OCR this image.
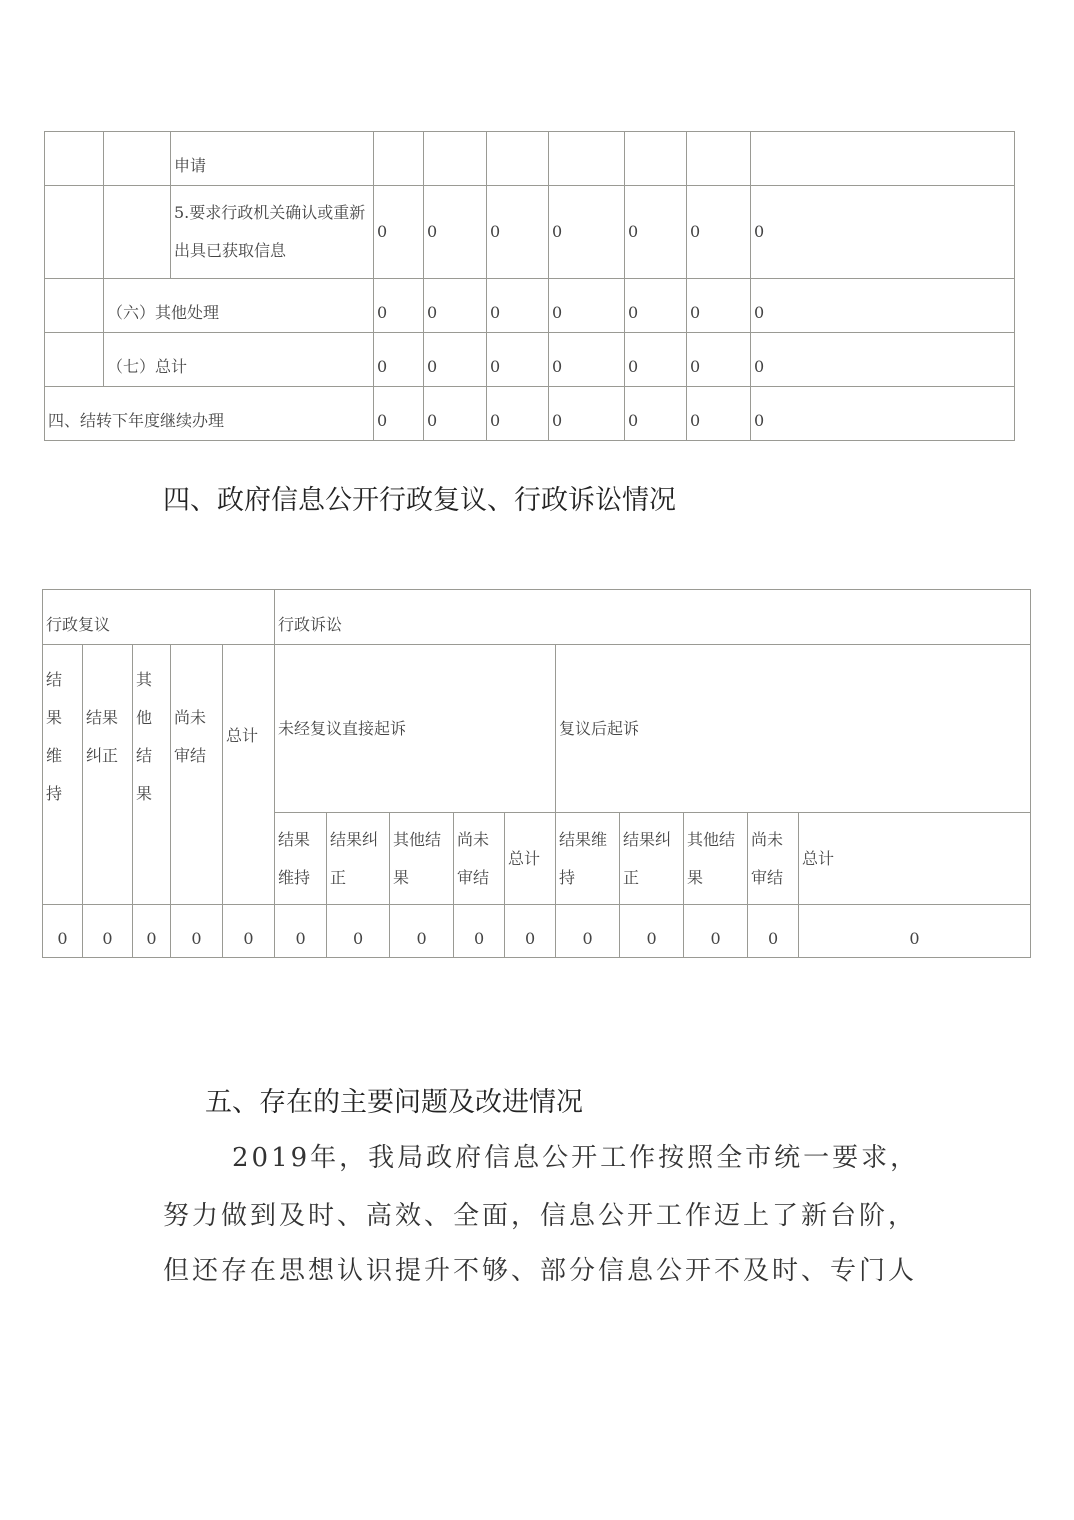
		申请							
		5.要求行政机关确认或重新出具已获取信息	0	0	0	0	0	0	0
	（六）其他处理		0	0	0	0	0	0	0
	（七）总计		0	0	0	0	0	0	0
四、结转下年度继续办理			0	0	0	0	0	0	0
四、政府信息公开行政复议、行政诉讼情况
行政复议					行政诉讼									

结果维持	结果纠正	其他结果	尚未审结	总计	未经复议直接起诉					复议后起诉				

					结果维持	结果纠正	其他结果	尚未审结	总计	结果维持	结果纠正	其他结果	尚未审结	总计

0	0	0	0	0	0	0	0	0	0	0	0	0	0	0
五、存在的主要问题及改进情况
2019年，我局政府信息公开工作按照全市统一要求，
努力做到及时、高效、全面，信息公开工作迈上了新台阶，
但还存在思想认识提升不够、部分信息公开不及时、专门人
